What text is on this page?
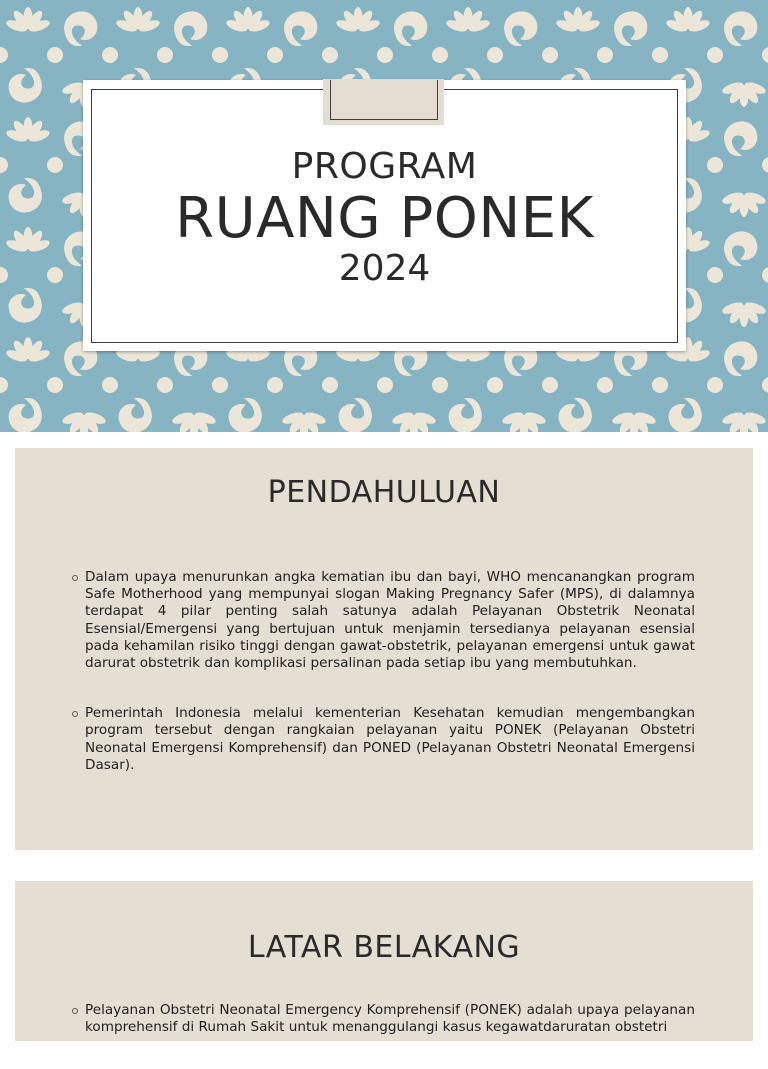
PROGRAM
RUANG PONEK
2024
PENDAHULUAN
Dalam upaya menurunkan angka kematian ibu dan bayi, WHO mencanangkan program Safe Motherhood yang mempunyai slogan Making Pregnancy Safer (MPS), di dalamnya terdapat 4 pilar penting salah satunya adalah Pelayanan Obstetrik Neonatal Esensial/Emergensi yang bertujuan untuk menjamin tersedianya pelayanan esensial pada kehamilan risiko tinggi dengan gawat-obstetrik, pelayanan emergensi untuk gawat darurat obstetrik dan komplikasi persalinan pada setiap ibu yang membutuhkan.
Pemerintah Indonesia melalui kementerian Kesehatan kemudian mengembangkan program tersebut dengan rangkaian pelayanan yaitu PONEK (Pelayanan Obstetri Neonatal Emergensi Komprehensif) dan PONED (Pelayanan Obstetri Neonatal Emergensi Dasar).
LATAR BELAKANG
Pelayanan Obstetri Neonatal Emergency Komprehensif (PONEK) adalah upaya pelayanan komprehensif di Rumah Sakit untuk menanggulangi kasus kegawatdaruratan obstetri
